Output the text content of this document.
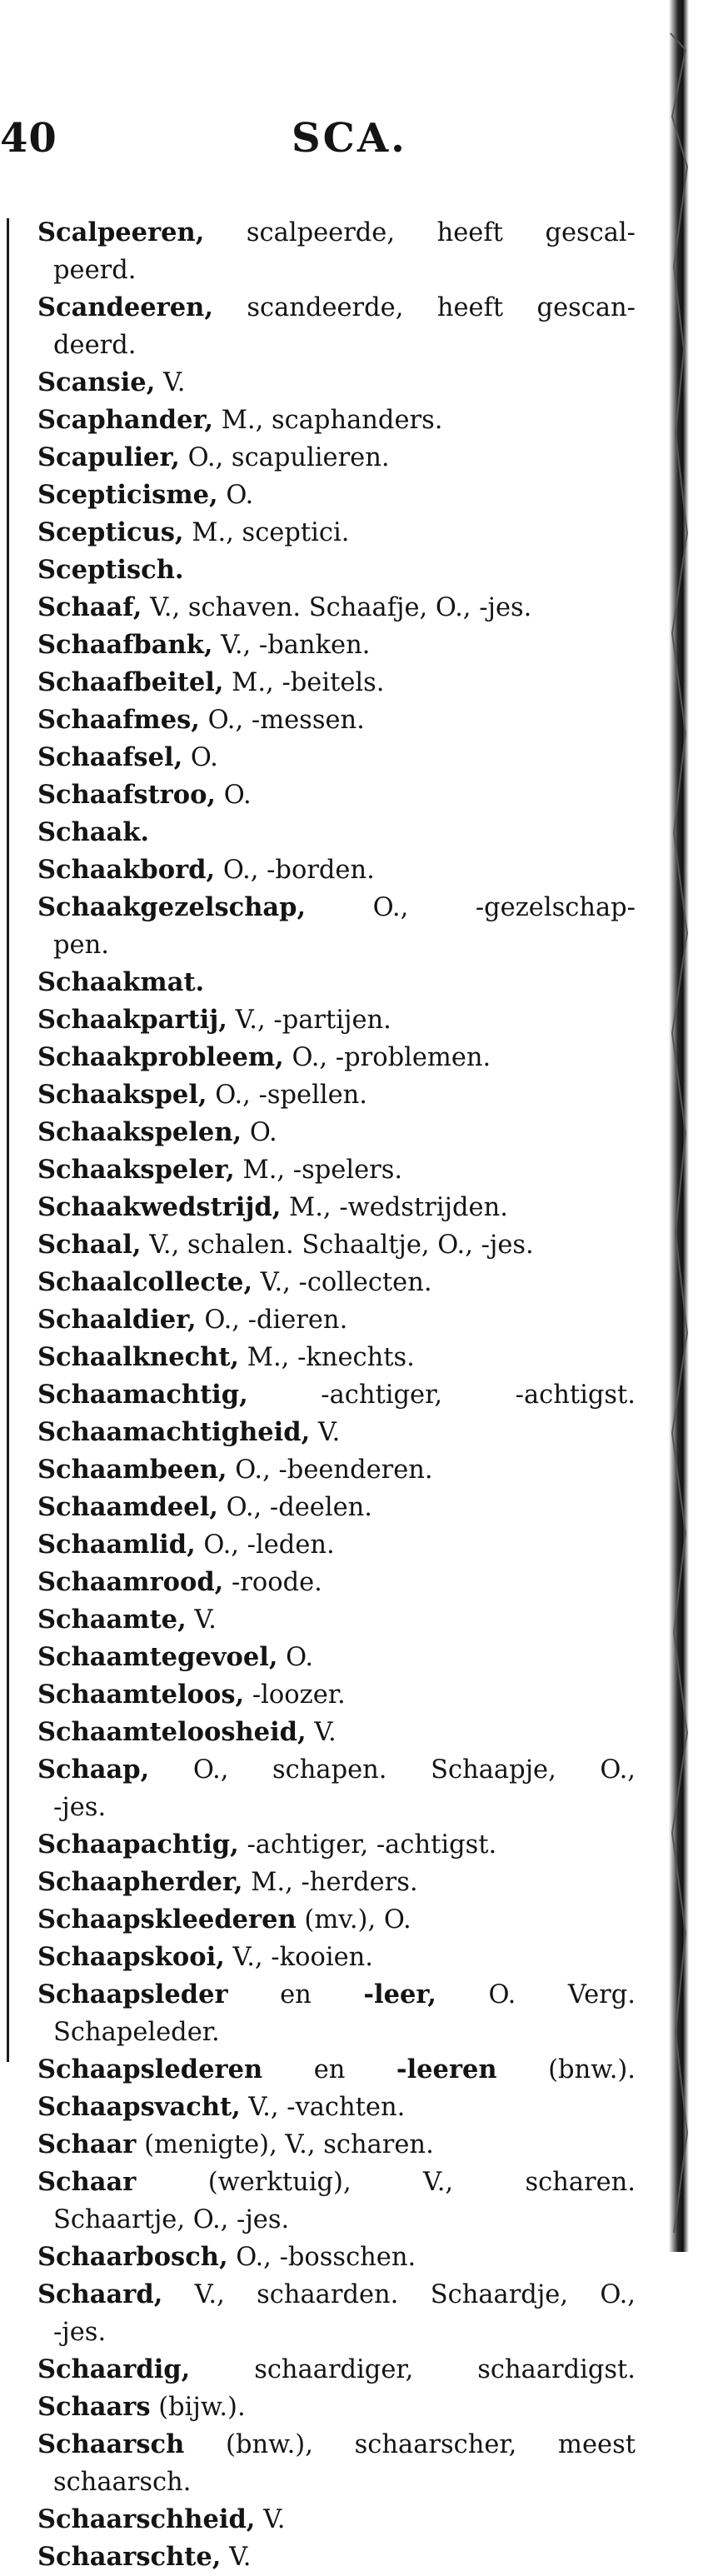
40	SCA.
Scalpeeren, scalpeerde, heeft gescal-
peerd.
Scandeeren, scandeerde, heeft gescan-
deerd.
Scansie, V.
Scaphander, M., scaphanders.
Scapulier, O., scapulieren.
Scepticisme, O.
Scepticus, M., sceptici.
Sceptisch.
Schaaf, V., schaven. Schaafje, O., -jes.
Schaafbank, V., -banken.
Schaafbeitel, M., -beitels.
Schaafmes, O., -messen.
Schaafsel, O.
Schaafstroo, O.
Schaak.
Schaakbord, O., -borden.
Schaakgezelschap, O., -gezelschap-
pen.
Schaakmat.
Schaakpartij, V., -partijen.
Schaakprobleem, O., -problemen.
Schaakspel, O., -spellen.
Schaakspelen, O.
Schaakspeler, M., -spelers.
Schaakwedstrijd, M., -wedstrijden.
Schaal, V., schalen. Schaaltje, O., -jes.
Schaalcollecte, V., -collecten.
Schaaldier, O., -dieren.
Schaalknecht, M., -knechts.
Schaamachtig, -achtiger, -achtigst.
Schaamachtigheid, V.
Schaambeen, O., -beenderen.
Schaamdeel, O., -deelen.
Schaamlid, O., -leden.
Schaamrood, -roode.
Schaamte, V.
Schaamtegevoel, O.
Schaamteloos, -loozer.
Schaamteloosheid, V.
Schaap, O., schapen. Schaapje, O.,
-jes.
Schaapachtig, -achtiger, -achtigst.
Schaapherder, M., -herders.
Schaapskleederen (mv.), O.
Schaapskooi, V., -kooien.
Schaapsleder en -leer, O. Verg.
Schapeleder.
Schaapslederen en -leeren (bnw.).
Schaapsvacht, V., -vachten.
Schaar (menigte), V., scharen.
Schaar (werktuig), V., scharen.
Schaartje, O., -jes.
Schaarbosch, O., -bosschen.
Schaard, V., schaarden. Schaardje, O.,
-jes.
Schaardig, schaardiger, schaardigst.
Schaars (bijw.).
Schaarsch (bnw.), schaarscher, meest
schaarsch.
Schaarschheid, V.
Schaarschte, V.
